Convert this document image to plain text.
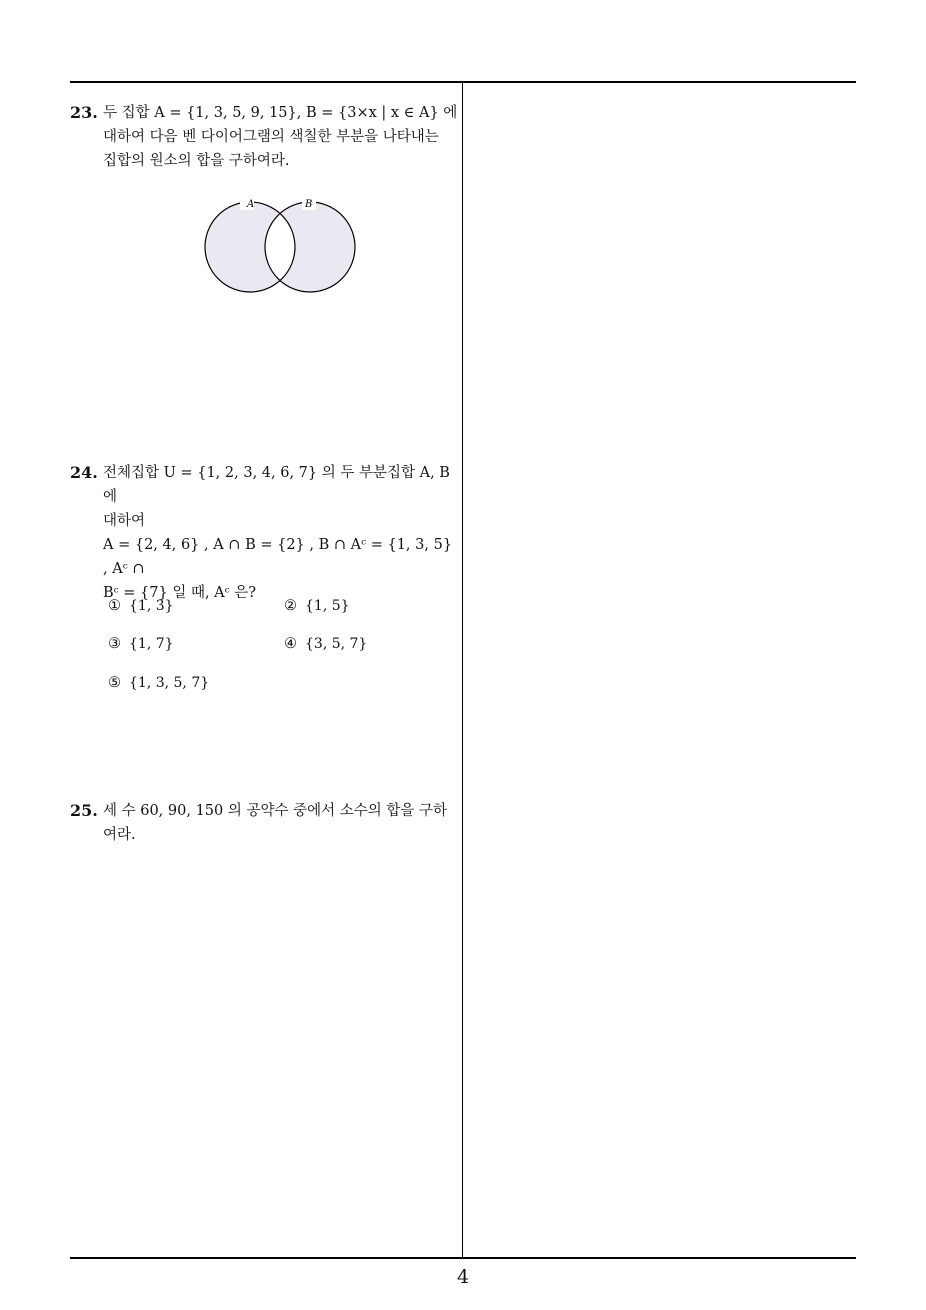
23. 두 집합 A = {1, 3, 5, 9, 15}, B = {3×x | x ∈ A} 에

대하여 다음 벤 다이어그램의 색칠한 부분을 나타내는

집합의 원소의 합을 구하여라.

A	B
24. 전체집합 U = {1, 2, 3, 4, 6, 7} 의 두 부분집합 A, B 에

대하여

A = {2, 4, 6} , A ∩ B = {2} , B ∩ Aᶜ = {1, 3, 5} , Aᶜ ∩

Bᶜ = {7} 일 때, Aᶜ 은?

① {1, 3}	② {1, 5}
③ {1, 7}	④ {3, 5, 7}
⑤ {1, 3, 5, 7}
25. 세 수 60, 90, 150 의 공약수 중에서 소수의 합을 구하

여라.

4
